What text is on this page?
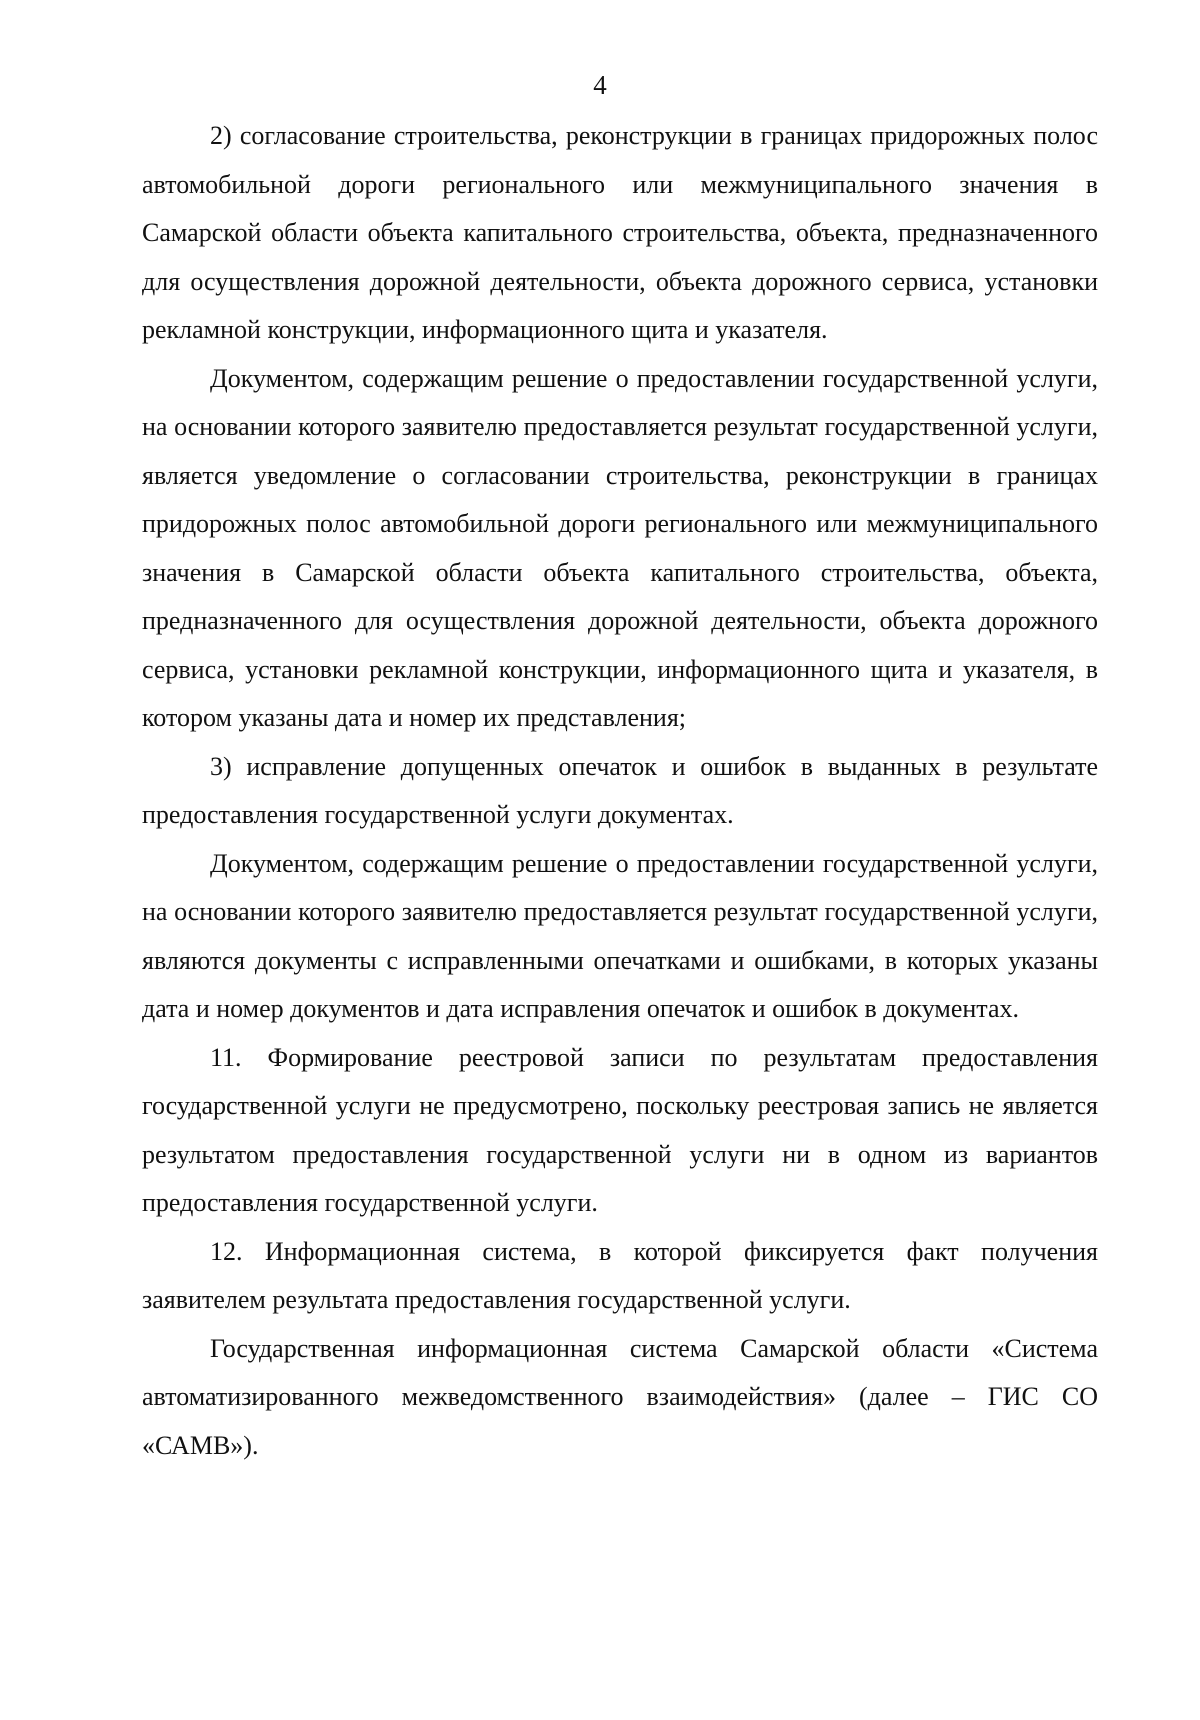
4

2) согласование строительства, реконструкции в границах придорожных полос автомобильной дороги регионального или межмуниципального значения в Самарской области объекта капитального строительства, объекта, предназначенного для осуществления дорожной деятельности, объекта дорожного сервиса, установки рекламной конструкции, информационного щита и указателя.

Документом, содержащим решение о предоставлении государственной услуги, на основании которого заявителю предоставляется результат государственной услуги, является уведомление о согласовании строительства, реконструкции в границах придорожных полос автомобильной дороги регионального или межмуниципального значения в Самарской области объекта капитального строительства, объекта, предназначенного для осуществления дорожной деятельности, объекта дорожного сервиса, установки рекламной конструкции, информационного щита и указателя, в котором указаны дата и номер их представления;

3) исправление допущенных опечаток и ошибок в выданных в результате предоставления государственной услуги документах.

Документом, содержащим решение о предоставлении государственной услуги, на основании которого заявителю предоставляется результат государственной услуги, являются документы с исправленными опечатками и ошибками, в которых указаны дата и номер документов и дата исправления опечаток и ошибок в документах.

11. Формирование реестровой записи по результатам предоставления государственной услуги не предусмотрено, поскольку реестровая запись не является результатом предоставления государственной услуги ни в одном из вариантов предоставления государственной услуги.

12. Информационная система, в которой фиксируется факт получения заявителем результата предоставления государственной услуги.

Государственная информационная система Самарской области «Система автоматизированного межведомственного взаимодействия» (далее – ГИС СО «САМВ»).
